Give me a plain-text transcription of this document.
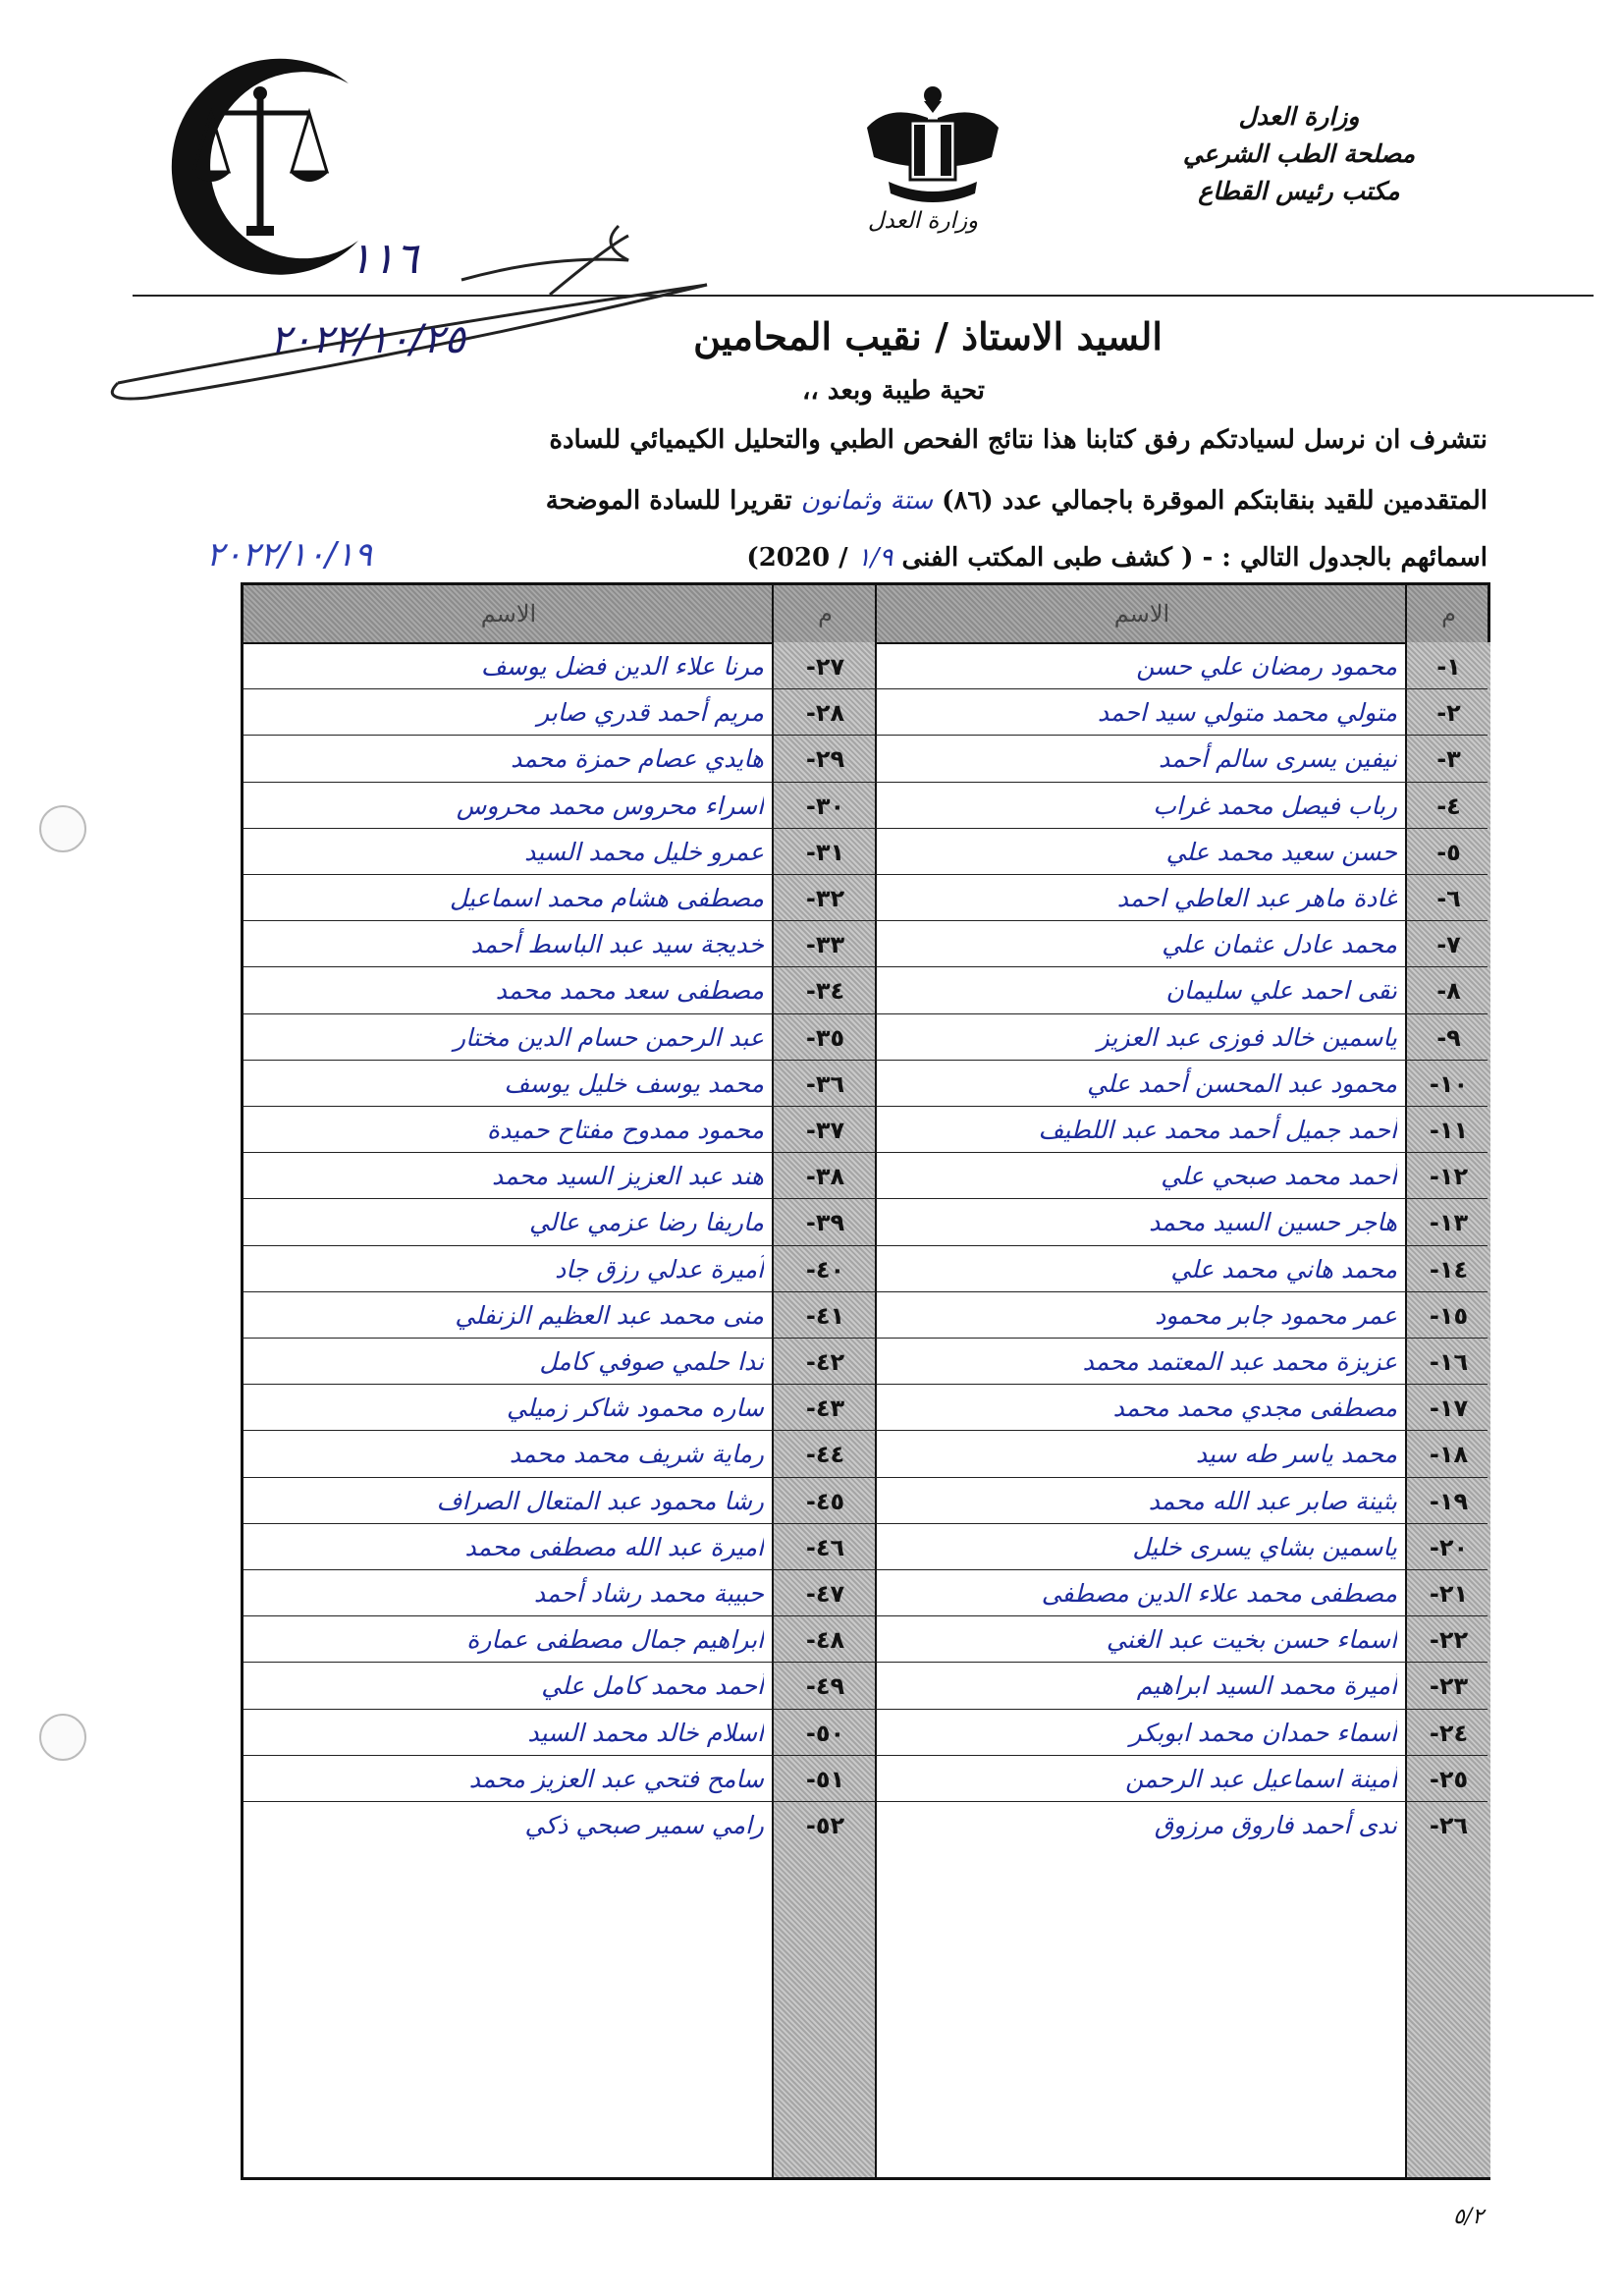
وزارة العدل
مصلحة الطب الشرعي
مكتب رئيس القطاع
وزارة العدل
١١٦
٢٠٢٢/١٠/٢٥
٢٠٢٢/١٠/١٩
السيد الاستاذ / نقيب المحامين
تحية طيبة وبعد ،،
نتشرف ان نرسل لسيادتكم رفق كتابنا هذا نتائج الفحص الطبي والتحليل الكيميائي للسادة
المتقدمين للقيد بنقابتكم الموقرة باجمالي عدد (٨٦) ستة وثمانون تقريرا للسادة الموضحة
اسمائهم بالجدول التالي : - ( كشف طبى المكتب الفنى ١/٩ / 2020)
م
الاسم
م
الاسم
١-
محمود رمضان علي حسن
٢٧-
مرنا علاء الدين فضل يوسف
٢-
متولي محمد متولي سيد احمد
٢٨-
مريم أحمد قدري صابر
٣-
نيفين يسرى سالم أحمد
٢٩-
هايدي عصام حمزة محمد
٤-
رباب فيصل محمد غراب
٣٠-
اسراء محروس محمد محروس
٥-
حسن سعيد محمد علي
٣١-
عمرو خليل محمد السيد
٦-
غادة ماهر عبد العاطي احمد
٣٢-
مصطفى هشام محمد اسماعيل
٧-
محمد عادل عثمان علي
٣٣-
خديجة سيد عبد الباسط أحمد
٨-
تقى احمد علي سليمان
٣٤-
مصطفى سعد محمد محمد
٩-
ياسمين خالد فوزى عبد العزيز
٣٥-
عبد الرحمن حسام الدين مختار
١٠-
محمود عبد المحسن أحمد علي
٣٦-
محمد يوسف خليل يوسف
١١-
أحمد جميل أحمد محمد عبد اللطيف
٣٧-
محمود ممدوح مفتاح حميدة
١٢-
أحمد محمد صبحي علي
٣٨-
هند عبد العزيز السيد محمد
١٣-
هاجر حسين السيد محمد
٣٩-
ماريفا رضا عزمي عالي
١٤-
محمد هاني محمد علي
٤٠-
آميرة عدلي رزق جاد
١٥-
عمر محمود جابر محمود
٤١-
منى محمد عبد العظيم الزنفلي
١٦-
عزيزة محمد عبد المعتمد محمد
٤٢-
ندا حلمي صوفي كامل
١٧-
مصطفى مجدي محمد محمد
٤٣-
ساره محمود شاكر زميلي
١٨-
محمد ياسر طه سيد
٤٤-
رماية شريف محمد محمد
١٩-
بثينة صابر عبد الله محمد
٤٥-
رشا محمود عبد المتعال الصراف
٢٠-
ياسمين بشاي يسرى خليل
٤٦-
اميرة عبد الله مصطفى محمد
٢١-
مصطفى محمد علاء الدين مصطفى
٤٧-
حبيبة محمد رشاد أحمد
٢٢-
اسماء حسن بخيت عبد الغني
٤٨-
ابراهيم جمال مصطفى عمارة
٢٣-
أميرة محمد السيد ابراهيم
٤٩-
أحمد محمد كامل علي
٢٤-
أسماء حمدان محمد ابوبكر
٥٠-
اسلام خالد محمد السيد
٢٥-
أمينة اسماعيل عبد الرحمن
٥١-
سامح فتحي عبد العزيز محمد
٢٦-
ندى أحمد فاروق مرزوق
٥٢-
رامي سمير صبحي ذكي
٥/٢
